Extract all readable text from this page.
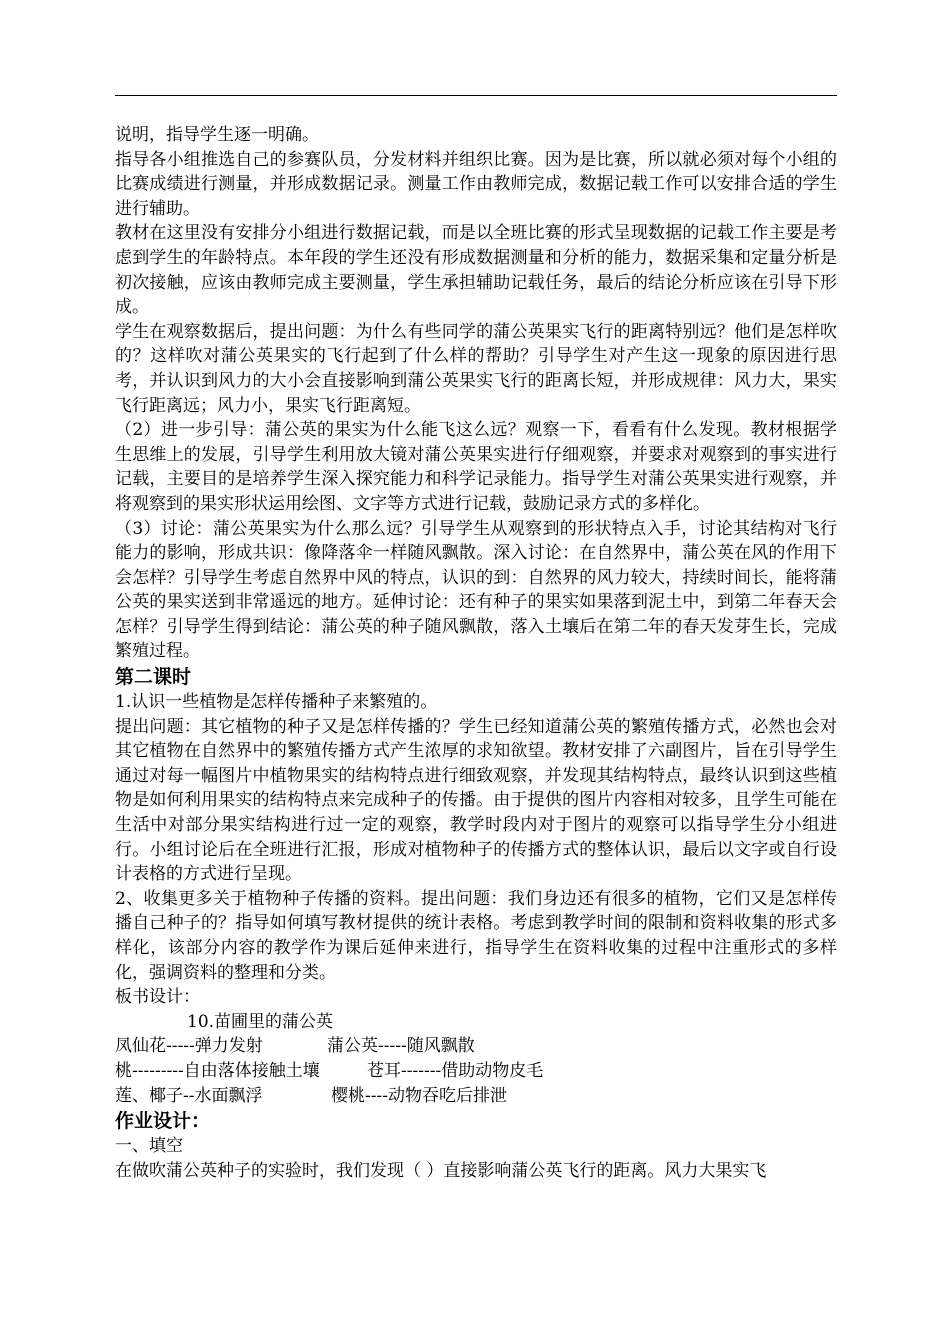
说明，指导学生逐一明确。

指导各小组推选自己的参赛队员，分发材料并组织比赛。因为是比赛，所以就必须对每个小组的比赛成绩进行测量，并形成数据记录。测量工作由教师完成，数据记载工作可以安排合适的学生进行辅助。

教材在这里没有安排分小组进行数据记载，而是以全班比赛的形式呈现数据的记载工作主要是考虑到学生的年龄特点。本年段的学生还没有形成数据测量和分析的能力，数据采集和定量分析是初次接触，应该由教师完成主要测量，学生承担辅助记载任务，最后的结论分析应该在引导下形成。

学生在观察数据后，提出问题：为什么有些同学的蒲公英果实飞行的距离特别远？他们是怎样吹的？这样吹对蒲公英果实的飞行起到了什么样的帮助？引导学生对产生这一现象的原因进行思考，并认识到风力的大小会直接影响到蒲公英果实飞行的距离长短，并形成规律：风力大，果实飞行距离远；风力小，果实飞行距离短。

（2）进一步引导：蒲公英的果实为什么能飞这么远？观察一下，看看有什么发现。教材根据学生思维上的发展，引导学生利用放大镜对蒲公英果实进行仔细观察，并要求对观察到的事实进行记载，主要目的是培养学生深入探究能力和科学记录能力。指导学生对蒲公英果实进行观察，并将观察到的果实形状运用绘图、文字等方式进行记载，鼓励记录方式的多样化。

（3）讨论：蒲公英果实为什么那么远？引导学生从观察到的形状特点入手，讨论其结构对飞行能力的影响，形成共识：像降落伞一样随风飘散。深入讨论：在自然界中，蒲公英在风的作用下会怎样？引导学生考虑自然界中风的特点，认识的到：自然界的风力较大，持续时间长，能将蒲公英的果实送到非常遥远的地方。延伸讨论：还有种子的果实如果落到泥土中，到第二年春天会怎样？引导学生得到结论：蒲公英的种子随风飘散，落入土壤后在第二年的春天发芽生长，完成繁殖过程。

第二课时

1.认识一些植物是怎样传播种子来繁殖的。

提出问题：其它植物的种子又是怎样传播的？学生已经知道蒲公英的繁殖传播方式，必然也会对其它植物在自然界中的繁殖传播方式产生浓厚的求知欲望。教材安排了六副图片，旨在引导学生通过对每一幅图片中植物果实的结构特点进行细致观察，并发现其结构特点，最终认识到这些植物是如何利用果实的结构特点来完成种子的传播。由于提供的图片内容相对较多，且学生可能在生活中对部分果实结构进行过一定的观察，教学时段内对于图片的观察可以指导学生分小组进行。小组讨论后在全班进行汇报，形成对植物种子的传播方式的整体认识，最后以文字或自行设计表格的方式进行呈现。

2、收集更多关于植物种子传播的资料。提出问题：我们身边还有很多的植物，它们又是怎样传播自己种子的？指导如何填写教材提供的统计表格。考虑到教学时间的限制和资料收集的形式多样化，该部分内容的教学作为课后延伸来进行，指导学生在资料收集的过程中注重形式的多样化，强调资料的整理和分类。

板书设计：

10.苗圃里的蒲公英

凤仙花-----弹力发射	蒲公英-----随风飘散
桃---------自由落体接触土壤	苍耳-------借助动物皮毛
莲、椰子--水面飘浮	樱桃----动物吞吃后排泄
作业设计：

一、填空

在做吹蒲公英种子的实验时，我们发现（ ）直接影响蒲公英飞行的距离。风力大果实飞
